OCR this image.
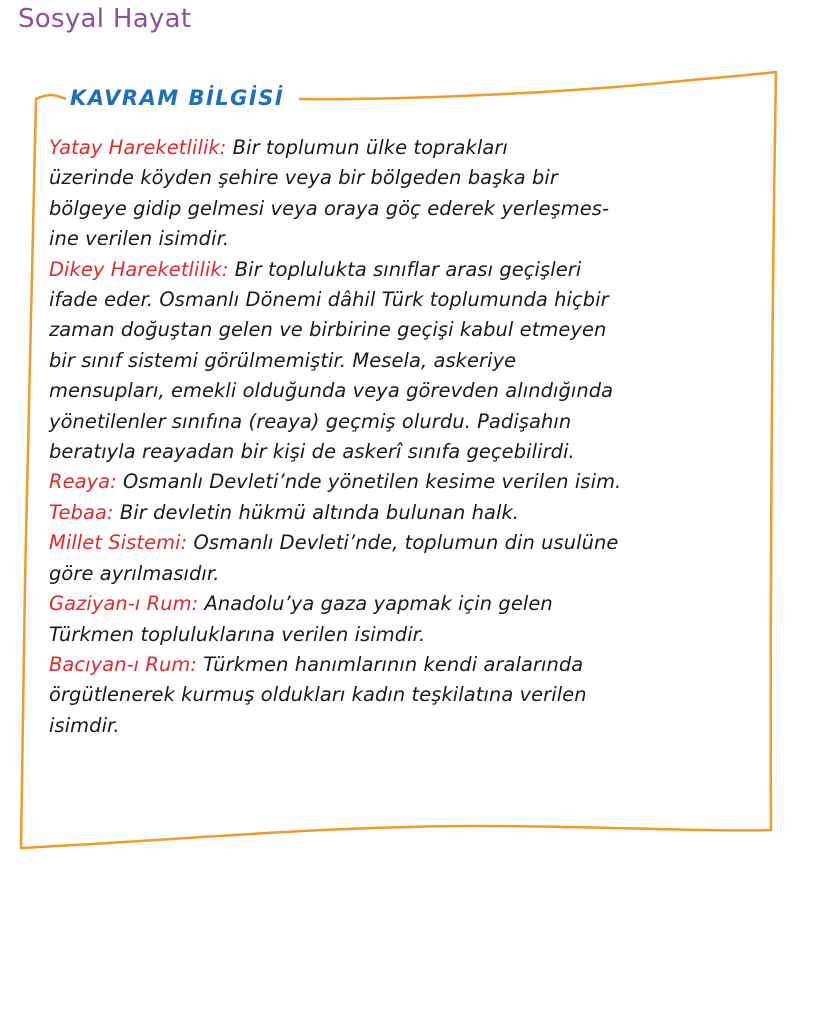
Sosyal Hayat
KAVRAM BİLGİSİ
Yatay Hareketlilik: Bir toplumun ülke toprakları
üzerinde köyden şehire veya bir bölgeden başka bir
bölgeye gidip gelmesi veya oraya göç ederek yerleşmes-
ine verilen isimdir.
Dikey Hareketlilik: Bir toplulukta sınıflar arası geçişleri
ifade eder. Osmanlı Dönemi dâhil Türk toplumunda hiçbir
zaman doğuştan gelen ve birbirine geçişi kabul etmeyen
bir sınıf sistemi görülmemiştir. Mesela, askeriye
mensupları, emekli olduğunda veya görevden alındığında
yönetilenler sınıfına (reaya) geçmiş olurdu. Padişahın
beratıyla reayadan bir kişi de askerî sınıfa geçebilirdi.
Reaya: Osmanlı Devleti’nde yönetilen kesime verilen isim.
Tebaa: Bir devletin hükmü altında bulunan halk.
Millet Sistemi: Osmanlı Devleti’nde, toplumun din usulüne
göre ayrılmasıdır.
Gaziyan-ı Rum: Anadolu’ya gaza yapmak için gelen
Türkmen topluluklarına verilen isimdir.
Bacıyan-ı Rum: Türkmen hanımlarının kendi aralarında
örgütlenerek kurmuş oldukları kadın teşkilatına verilen
isimdir.
